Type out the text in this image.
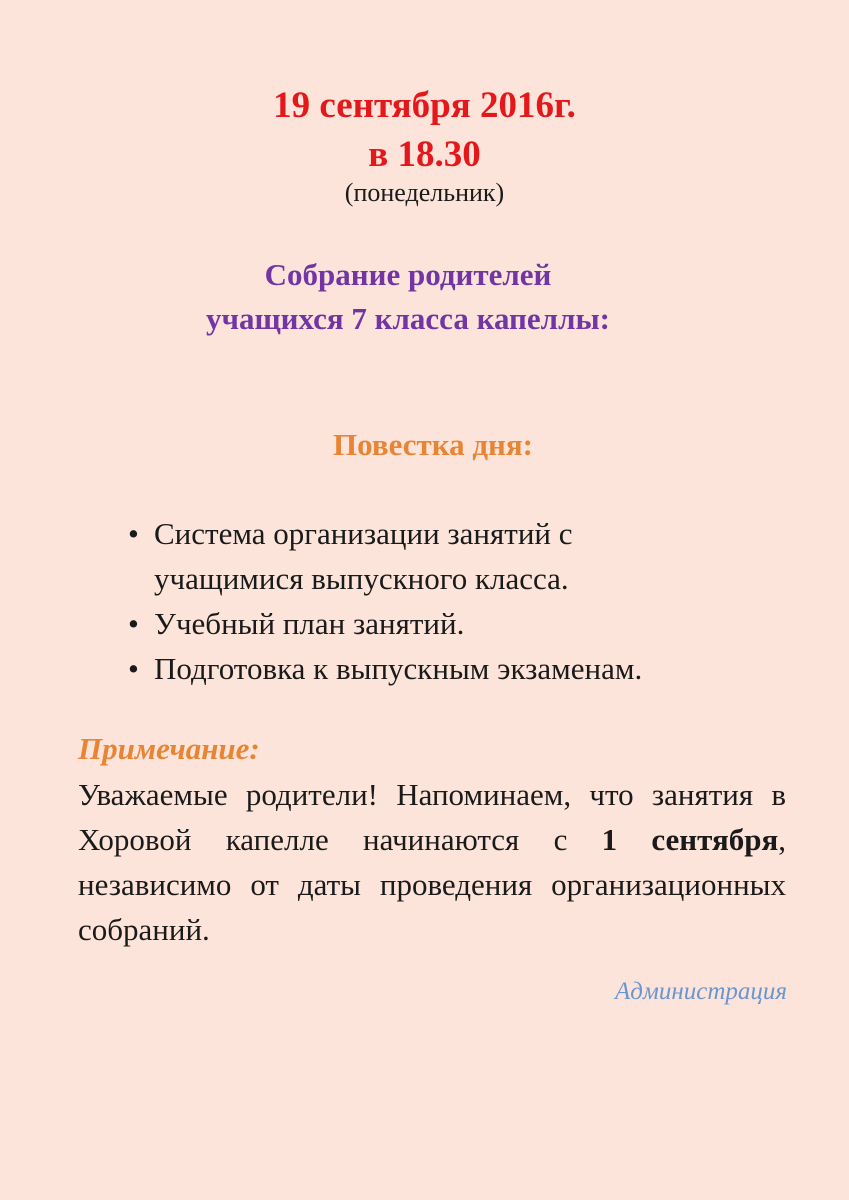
19 сентября 2016г.
в 18.30
(понедельник)
Собрание родителей
учащихся 7 класса капеллы:
Повестка дня:
• Система организации занятий с
учащимися выпускного класса.
• Учебный план занятий.
• Подготовка к выпускным экзаменам.
Примечание:
Уважаемые родители! Напоминаем, что занятия в Хоровой капелле начинаются с 1 сентября, независимо от даты проведения организационных собраний.
Администрация
